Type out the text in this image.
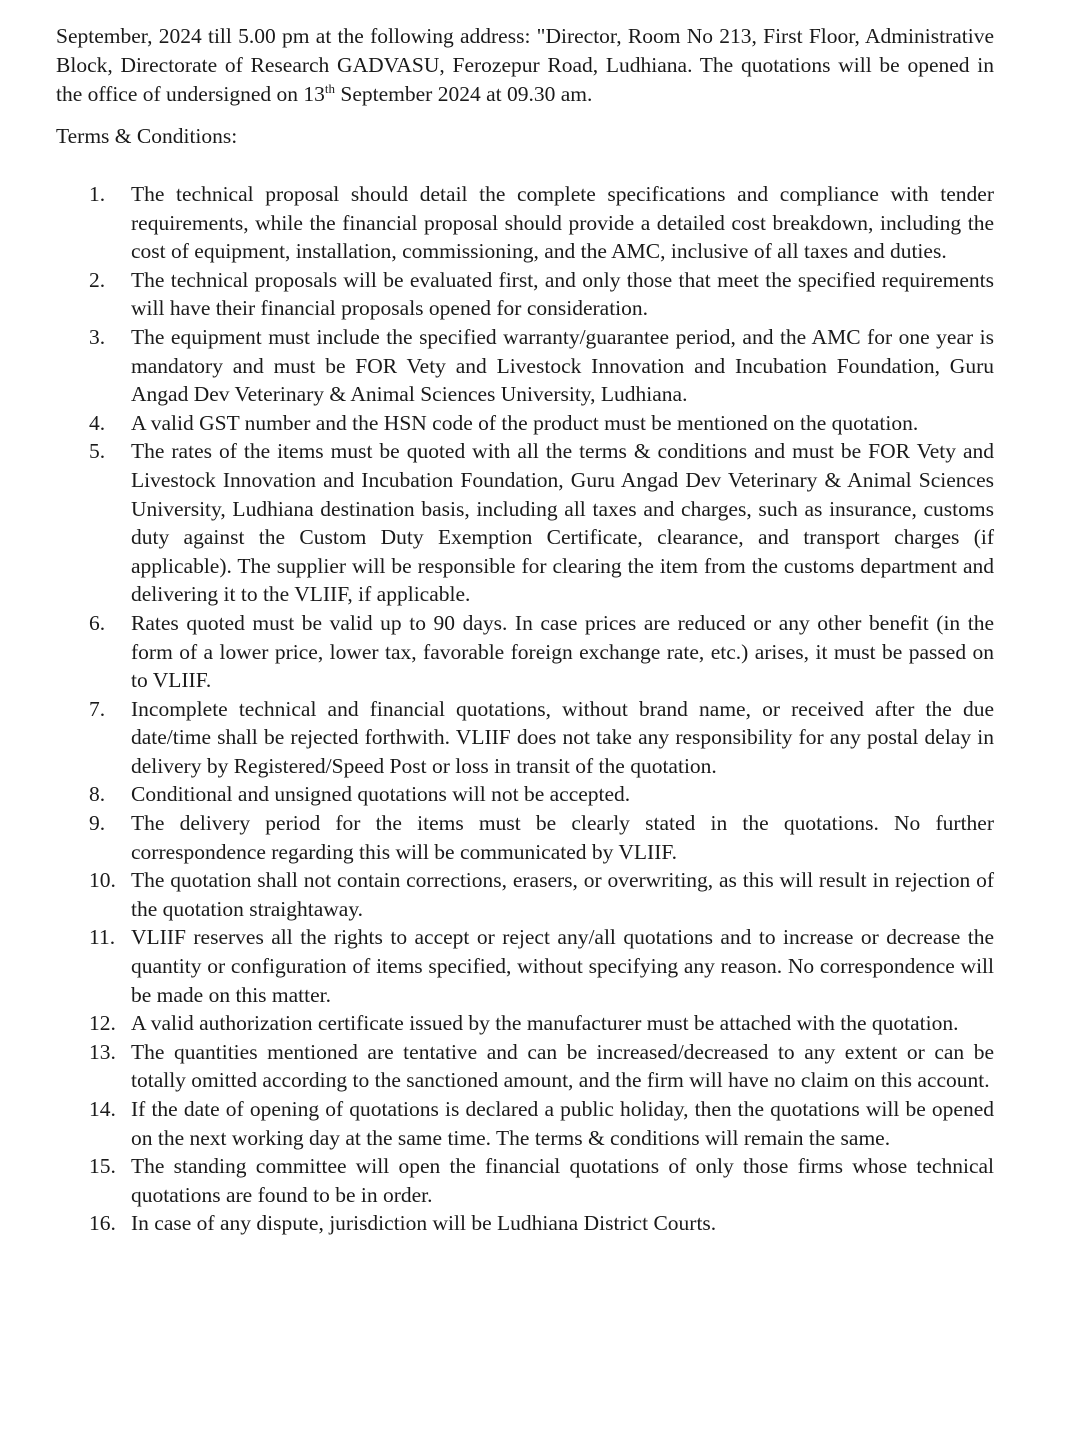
September, 2024 till 5.00 pm at the following address: "Director, Room No 213, First Floor, Administrative Block, Directorate of Research GADVASU, Ferozepur Road, Ludhiana. The quotations will be opened in the office of undersigned on 13th September 2024 at 09.30 am.

Terms & Conditions:

1.	The technical proposal should detail the complete specifications and compliance with tender requirements, while the financial proposal should provide a detailed cost breakdown, including the cost of equipment, installation, commissioning, and the AMC, inclusive of all taxes and duties.
2.	The technical proposals will be evaluated first, and only those that meet the specified requirements will have their financial proposals opened for consideration.
3.	The equipment must include the specified warranty/guarantee period, and the AMC for one year is mandatory and must be FOR Vety and Livestock Innovation and Incubation Foundation, Guru Angad Dev Veterinary & Animal Sciences University, Ludhiana.
4.	A valid GST number and the HSN code of the product must be mentioned on the quotation.
5.	The rates of the items must be quoted with all the terms & conditions and must be FOR Vety and Livestock Innovation and Incubation Foundation, Guru Angad Dev Veterinary & Animal Sciences University, Ludhiana destination basis, including all taxes and charges, such as insurance, customs duty against the Custom Duty Exemption Certificate, clearance, and transport charges (if applicable). The supplier will be responsible for clearing the item from the customs department and delivering it to the VLIIF, if applicable.
6.	Rates quoted must be valid up to 90 days. In case prices are reduced or any other benefit (in the form of a lower price, lower tax, favorable foreign exchange rate, etc.) arises, it must be passed on to VLIIF.
7.	Incomplete technical and financial quotations, without brand name, or received after the due date/time shall be rejected forthwith. VLIIF does not take any responsibility for any postal delay in delivery by Registered/Speed Post or loss in transit of the quotation.
8.	Conditional and unsigned quotations will not be accepted.
9.	The delivery period for the items must be clearly stated in the quotations. No further correspondence regarding this will be communicated by VLIIF.
10. The quotation shall not contain corrections, erasers, or overwriting, as this will result in rejection of the quotation straightaway.
11. VLIIF reserves all the rights to accept or reject any/all quotations and to increase or decrease the quantity or configuration of items specified, without specifying any reason. No correspondence will be made on this matter.
12. A valid authorization certificate issued by the manufacturer must be attached with the quotation.
13. The quantities mentioned are tentative and can be increased/decreased to any extent or can be totally omitted according to the sanctioned amount, and the firm will have no claim on this account.
14. If the date of opening of quotations is declared a public holiday, then the quotations will be opened on the next working day at the same time. The terms & conditions will remain the same.
15. The standing committee will open the financial quotations of only those firms whose technical quotations are found to be in order.
16. In case of any dispute, jurisdiction will be Ludhiana District Courts.
